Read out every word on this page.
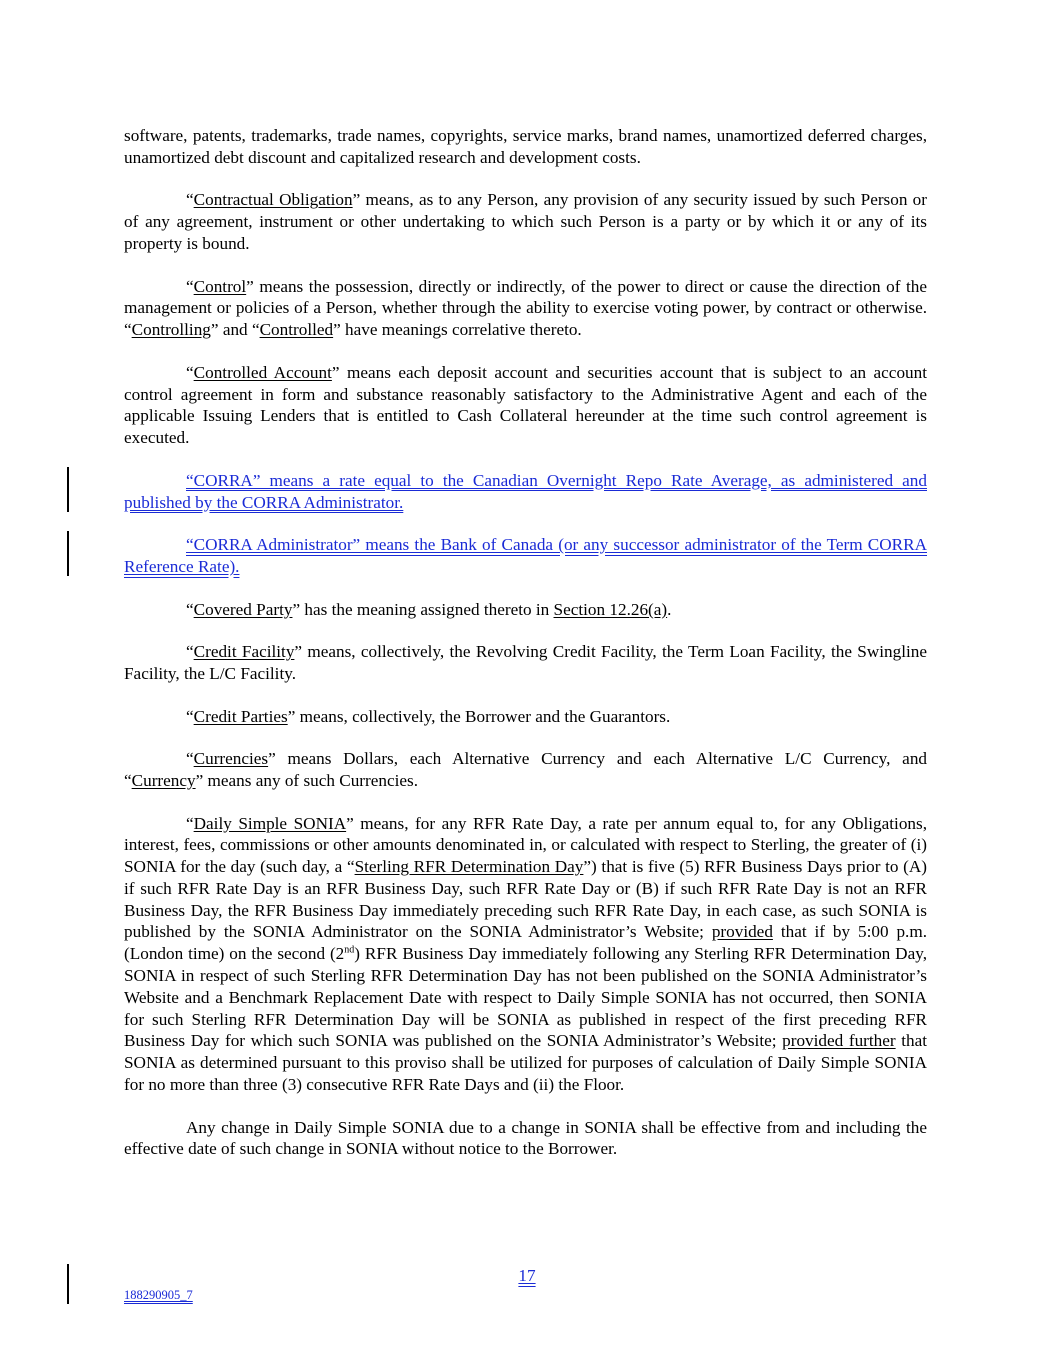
software, patents, trademarks, trade names, copyrights, service marks, brand names, unamortized deferred charges, unamortized debt discount and capitalized research and development costs.

“Contractual Obligation” means, as to any Person, any provision of any security issued by such Person or of any agreement, instrument or other undertaking to which such Person is a party or by which it or any of its property is bound.

“Control” means the possession, directly or indirectly, of the power to direct or cause the direction of the management or policies of a Person, whether through the ability to exercise voting power, by contract or otherwise. “Controlling” and “Controlled” have meanings correlative thereto.

“Controlled Account” means each deposit account and securities account that is subject to an account control agreement in form and substance reasonably satisfactory to the Administrative Agent and each of the applicable Issuing Lenders that is entitled to Cash Collateral hereunder at the time such control agreement is executed.

“CORRA” means a rate equal to the Canadian Overnight Repo Rate Average, as administered and published by the CORRA Administrator.

“CORRA Administrator” means the Bank of Canada (or any successor administrator of the Term CORRA Reference Rate).

“Covered Party” has the meaning assigned thereto in Section 12.26(a).

“Credit Facility” means, collectively, the Revolving Credit Facility, the Term Loan Facility, the Swingline Facility, the L/C Facility.

“Credit Parties” means, collectively, the Borrower and the Guarantors.

“Currencies” means Dollars, each Alternative Currency and each Alternative L/C Currency, and “Currency” means any of such Currencies.

“Daily Simple SONIA” means, for any RFR Rate Day, a rate per annum equal to, for any Obligations, interest, fees, commissions or other amounts denominated in, or calculated with respect to Sterling, the greater of (i) SONIA for the day (such day, a “Sterling RFR Determination Day”) that is five (5) RFR Business Days prior to (A) if such RFR Rate Day is an RFR Business Day, such RFR Rate Day or (B) if such RFR Rate Day is not an RFR Business Day, the RFR Business Day immediately preceding such RFR Rate Day, in each case, as such SONIA is published by the SONIA Administrator on the SONIA Administrator’s Website; provided that if by 5:00 p.m. (London time) on the second (2nd) RFR Business Day immediately following any Sterling RFR Determination Day, SONIA in respect of such Sterling RFR Determination Day has not been published on the SONIA Administrator’s Website and a Benchmark Replacement Date with respect to Daily Simple SONIA has not occurred, then SONIA for such Sterling RFR Determination Day will be SONIA as published in respect of the first preceding RFR Business Day for which such SONIA was published on the SONIA Administrator’s Website; provided further that SONIA as determined pursuant to this proviso shall be utilized for purposes of calculation of Daily Simple SONIA for no more than three (3) consecutive RFR Rate Days and (ii) the Floor.

Any change in Daily Simple SONIA due to a change in SONIA shall be effective from and including the effective date of such change in SONIA without notice to the Borrower.

17
188290905_7
